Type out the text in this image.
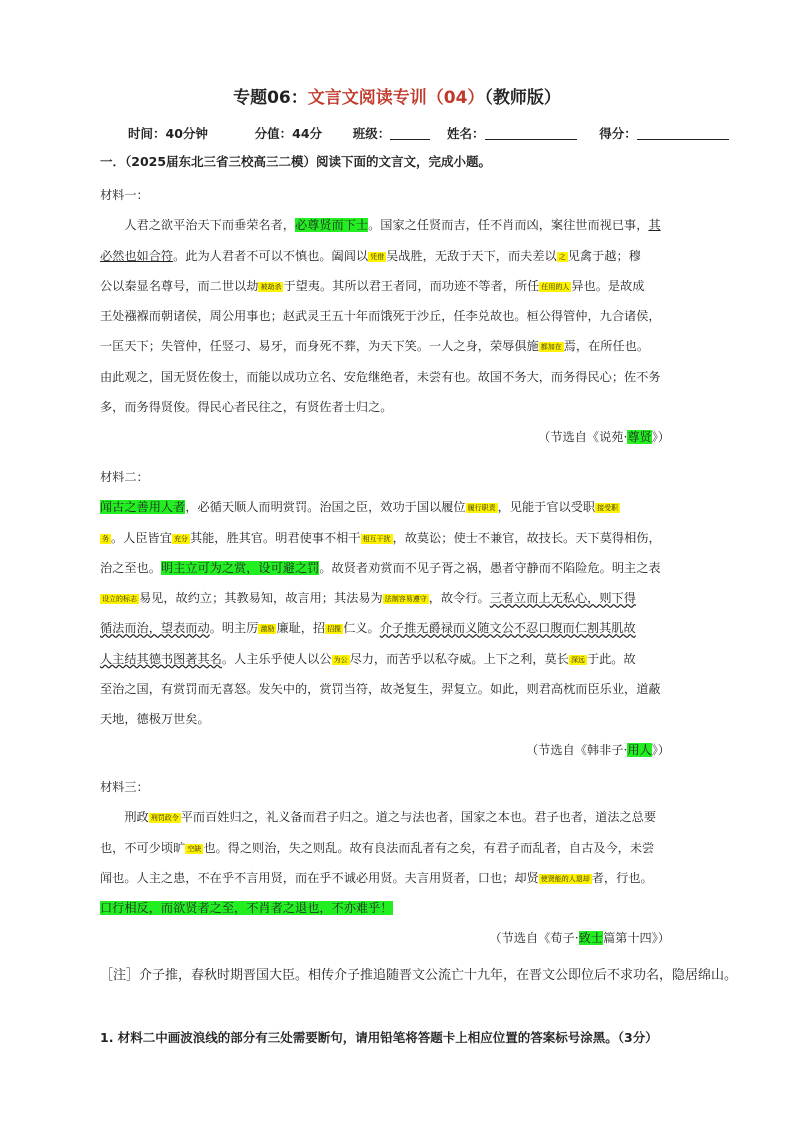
专题06：文言文阅读专训（04）（教师版）
时间：40分钟	分值：44分 班级：	姓名：	得分：
一．（2025届东北三省三校高三二模）阅读下面的文言文，完成小题。
材料一：
　　人君之欲平治天下而垂荣名者，必尊贤而下士。国家之任贤而吉，任不肖而凶，案往世而视已事，其
必然也如合符。此为人君者不可以不慎也。阖闾以 凭借 吴战胜，无敌于天下，而夫差以 之 见禽于越；穆
公以秦显名尊号，而二世以劫 被劫杀 于望夷。其所以君王者同，而功迹不等者，所任 任用的人 异也。是故成
王处襁褓而朝诸侯，周公用事也；赵武灵王五十年而饿死于沙丘，任李兑故也。桓公得管仲，九合诸侯，
一匡天下；失管仲，任竖刁、易牙，而身死不葬，为天下笑。一人之身，荣辱俱施 都加在 焉，在所任也。
由此观之，国无贤佐俊士，而能以成功立名、安危继绝者，未尝有也。故国不务大，而务得民心；佐不务
多，而务得贤俊。得民心者民往之，有贤佐者士归之。
（节选自《说苑·尊贤》）
材料二：
闻古之善用人者，必循天顺人而明赏罚。治国之臣，效功于国以履位 履行职责 ，见能于官以受职 接受职
务 。人臣皆宜 充分 其能，胜其官。明君使事不相干 相互干扰 ，故莫讼；使士不兼官，故技长。天下莫得相伤，
治之至也。明主立可为之赏，设可避之罚。故贤者劝赏而不见子胥之祸，愚者守静而不陷险危。明主之表
设立的标志 易见，故约立；其教易知，故言用；其法易为 法制容易遵守 ，故令行。三者立而上无私心，则下得
循法而治，望表而动。明主厉 激励 廉耻，招 招揽 仁义。介子推无爵禄而义随文公不忍口腹而仁割其肌故
人主结其德书图著其名。人主乐乎使人以公 为公 尽力，而苦乎以私夺威。上下之利，莫长 深远 于此。故
至治之国，有赏罚而无喜怒。发矢中的，赏罚当符，故尧复生，羿复立。如此，则君高枕而臣乐业，道蔽
天地，德极万世矣。
（节选自《韩非子·用人》）
材料三：
　　刑政 刑罚政令 平而百姓归之，礼义备而君子归之。道之与法也者，国家之本也。君子也者，道法之总要
也，不可少顷旷 空缺 也。得之则治，失之则乱。故有良法而乱者有之矣，有君子而乱者，自古及今，未尝
闻也。人主之患，不在乎不言用贤，而在乎不诚必用贤。夫言用贤者，口也；却贤 使贤能的人退却 者，行也。
口行相反，而欲贤者之至，不肖者之退也，不亦难乎！
（节选自《荀子·致士篇第十四》）
［注］介子推，春秋时期晋国大臣。相传介子推追随晋文公流亡十九年，在晋文公即位后不求功名，隐居绵山。
1. 材料二中画波浪线的部分有三处需要断句，请用铅笔将答题卡上相应位置的答案标号涂黑。（3分）
